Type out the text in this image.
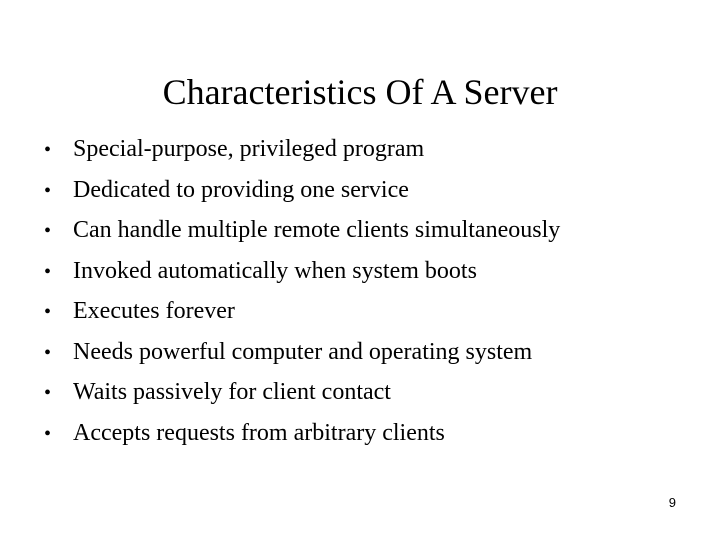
Characteristics Of A Server
• Special-purpose, privileged program
• Dedicated to providing one service
• Can handle multiple remote clients simultaneously
• Invoked automatically when system boots
• Executes forever
• Needs powerful computer and operating system
• Waits passively for client contact
• Accepts requests from arbitrary clients
9
